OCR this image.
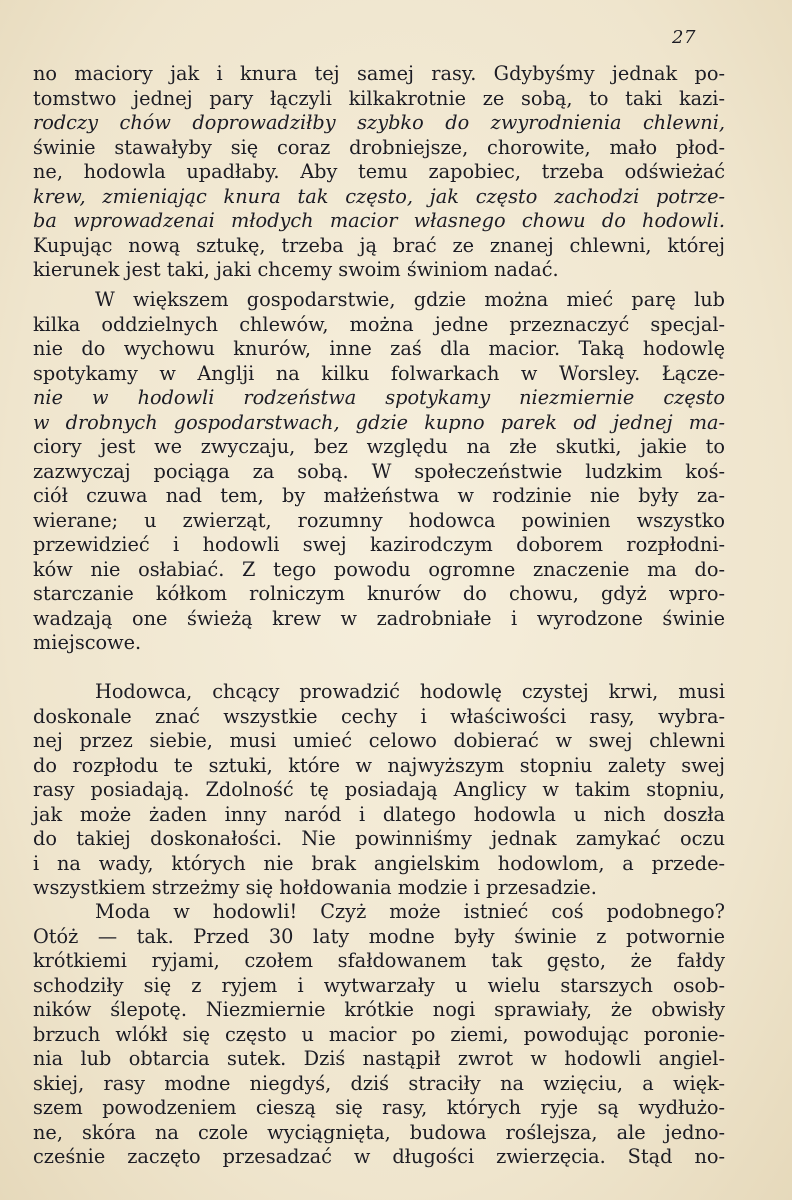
27
no maciory jak i knura tej samej rasy. Gdybyśmy jednak po-
tomstwo jednej pary łączyli kilkakrotnie ze sobą, to taki kazi-
rodczy chów doprowadziłby szybko do zwyrodnienia chlewni,
świnie stawałyby się coraz drobniejsze, chorowite, mało płod-
ne, hodowla upadłaby. Aby temu zapobiec, trzeba odświeżać
krew, zmieniając knura tak często, jak często zachodzi potrze-
ba wprowadzenai młodych macior własnego chowu do hodowli.
Kupując nową sztukę, trzeba ją brać ze znanej chlewni, której
kierunek jest taki, jaki chcemy swoim świniom nadać.
W większem gospodarstwie, gdzie można mieć parę lub
kilka oddzielnych chlewów, można jedne przeznaczyć specjal-
nie do wychowu knurów, inne zaś dla macior. Taką hodowlę
spotykamy w Anglji na kilku folwarkach w Worsley. Łącze-
nie w hodowli rodzeństwa spotykamy niezmiernie często
w drobnych gospodarstwach, gdzie kupno parek od jednej ma-
ciory jest we zwyczaju, bez względu na złe skutki, jakie to
zazwyczaj pociąga za sobą. W społeczeństwie ludzkim koś-
ciół czuwa nad tem, by małżeństwa w rodzinie nie były za-
wierane; u zwierząt, rozumny hodowca powinien wszystko
przewidzieć i hodowli swej kazirodczym doborem rozpłodni-
ków nie osłabiać. Z tego powodu ogromne znaczenie ma do-
starczanie kółkom rolniczym knurów do chowu, gdyż wpro-
wadzają one świeżą krew w zadrobniałe i wyrodzone świnie
miejscowe.
Hodowca, chcący prowadzić hodowlę czystej krwi, musi
doskonale znać wszystkie cechy i właściwości rasy, wybra-
nej przez siebie, musi umieć celowo dobierać w swej chlewni
do rozpłodu te sztuki, które w najwyższym stopniu zalety swej
rasy posiadają. Zdolność tę posiadają Anglicy w takim stopniu,
jak może żaden inny naród i dlatego hodowla u nich doszła
do takiej doskonałości. Nie powinniśmy jednak zamykać oczu
i na wady, których nie brak angielskim hodowlom, a przede-
wszystkiem strzeżmy się hołdowania modzie i przesadzie.
Moda w hodowli! Czyż może istnieć coś podobnego?
Otóż — tak. Przed 30 laty modne były świnie z potwornie
krótkiemi ryjami, czołem sfałdowanem tak gęsto, że fałdy
schodziły się z ryjem i wytwarzały u wielu starszych osob-
ników ślepotę. Niezmiernie krótkie nogi sprawiały, że obwisły
brzuch wlókł się często u macior po ziemi, powodując poronie-
nia lub obtarcia sutek. Dziś nastąpił zwrot w hodowli angiel-
skiej, rasy modne niegdyś, dziś straciły na wzięciu, a więk-
szem powodzeniem cieszą się rasy, których ryje są wydłużo-
ne, skóra na czole wyciągnięta, budowa roślejsza, ale jedno-
cześnie zaczęto przesadzać w długości zwierzęcia. Stąd no-
